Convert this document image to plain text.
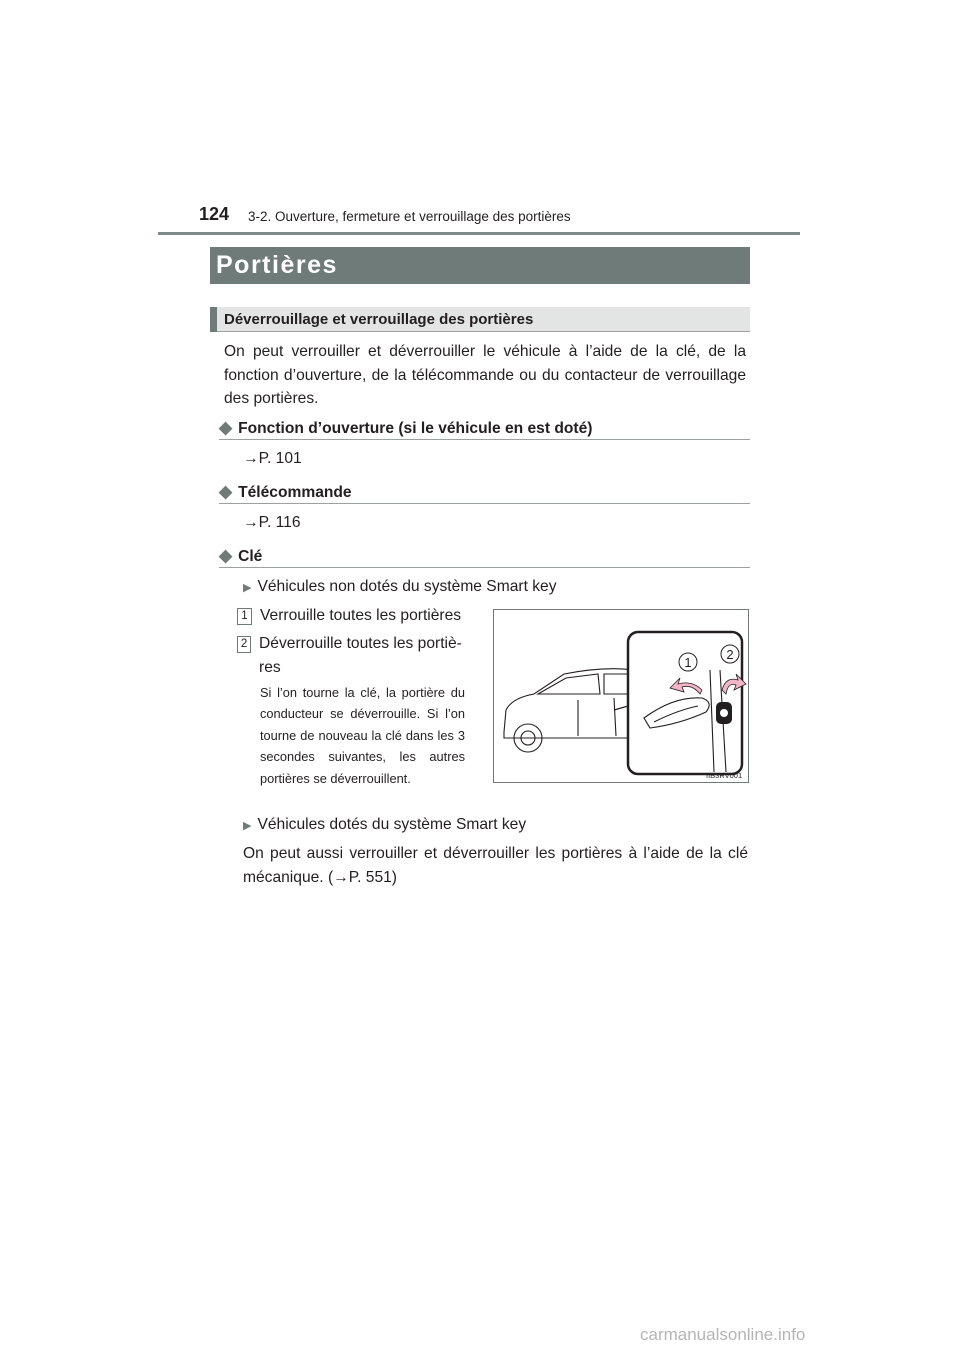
124 3-2. Ouverture, fermeture et verrouillage des portières
Portières
Déverrouillage et verrouillage des portières
On peut verrouiller et déverrouiller le véhicule à l’aide de la clé, de la fonction d’ouverture, de la télécommande ou du contacteur de verrouillage des portières.
◆ Fonction d’ouverture (si le véhicule en est doté)
→P. 101
◆ Télécommande
→P. 116
◆ Clé
▶ Véhicules non dotés du système Smart key
1 Verrouille toutes les portières
2 Déverrouille toutes les portiè-res
Si l’on tourne la clé, la portière du conducteur se déverrouille. Si l’on tourne de nouveau la clé dans les 3 secondes suivantes, les autres portières se déverrouillent.
1
2
IIB3RV001
▶ Véhicules dotés du système Smart key
On peut aussi verrouiller et déverrouiller les portières à l’aide de la clé mécanique. (→P. 551)
carmanualsonline.info
